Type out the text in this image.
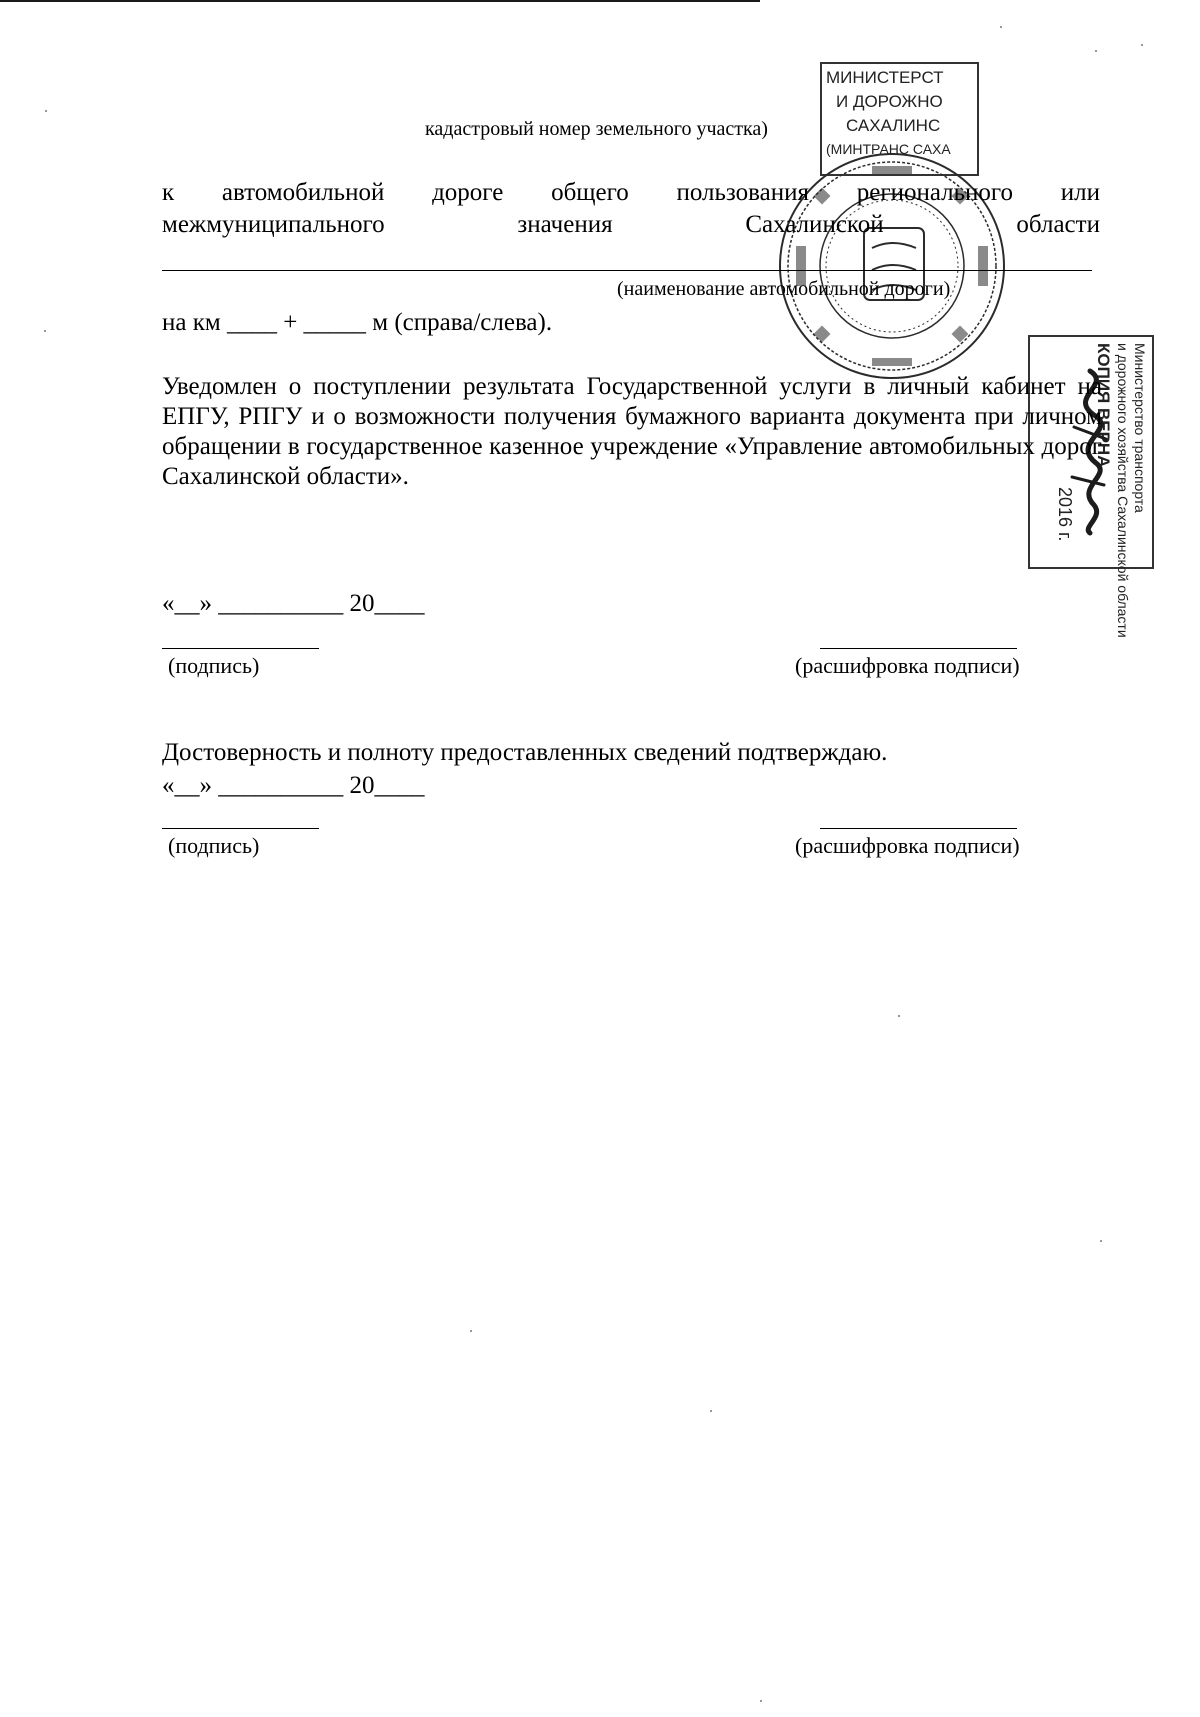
МИНИСТЕРСТ
И ДОРОЖНО
САХАЛИНС
(МИНТРАНС САХА
Министерство транспорта
и дорожного хозяйства Сахалинской области
КОПИЯ ВЕРНА
2016 г.
кадастровый номер земельного участка)
к автомобильной дороге общего пользования регионального или
межмуниципального	значения	Сахалинской	области
(наименование автомобильной дороги)
на км ____ + _____ м (справа/слева).
Уведомлен о поступлении результата Государственной услуги в личный кабинет на ЕПГУ, РПГУ и о возможности получения бумажного варианта документа при личном обращении в государственное казенное учреждение «Управление автомобильных дорог Сахалинской области».
«__» __________ 20____
(подпись)	(расшифровка подписи)
Достоверность и полноту предоставленных сведений подтверждаю.
«__» __________ 20____
(подпись)	(расшифровка подписи)
